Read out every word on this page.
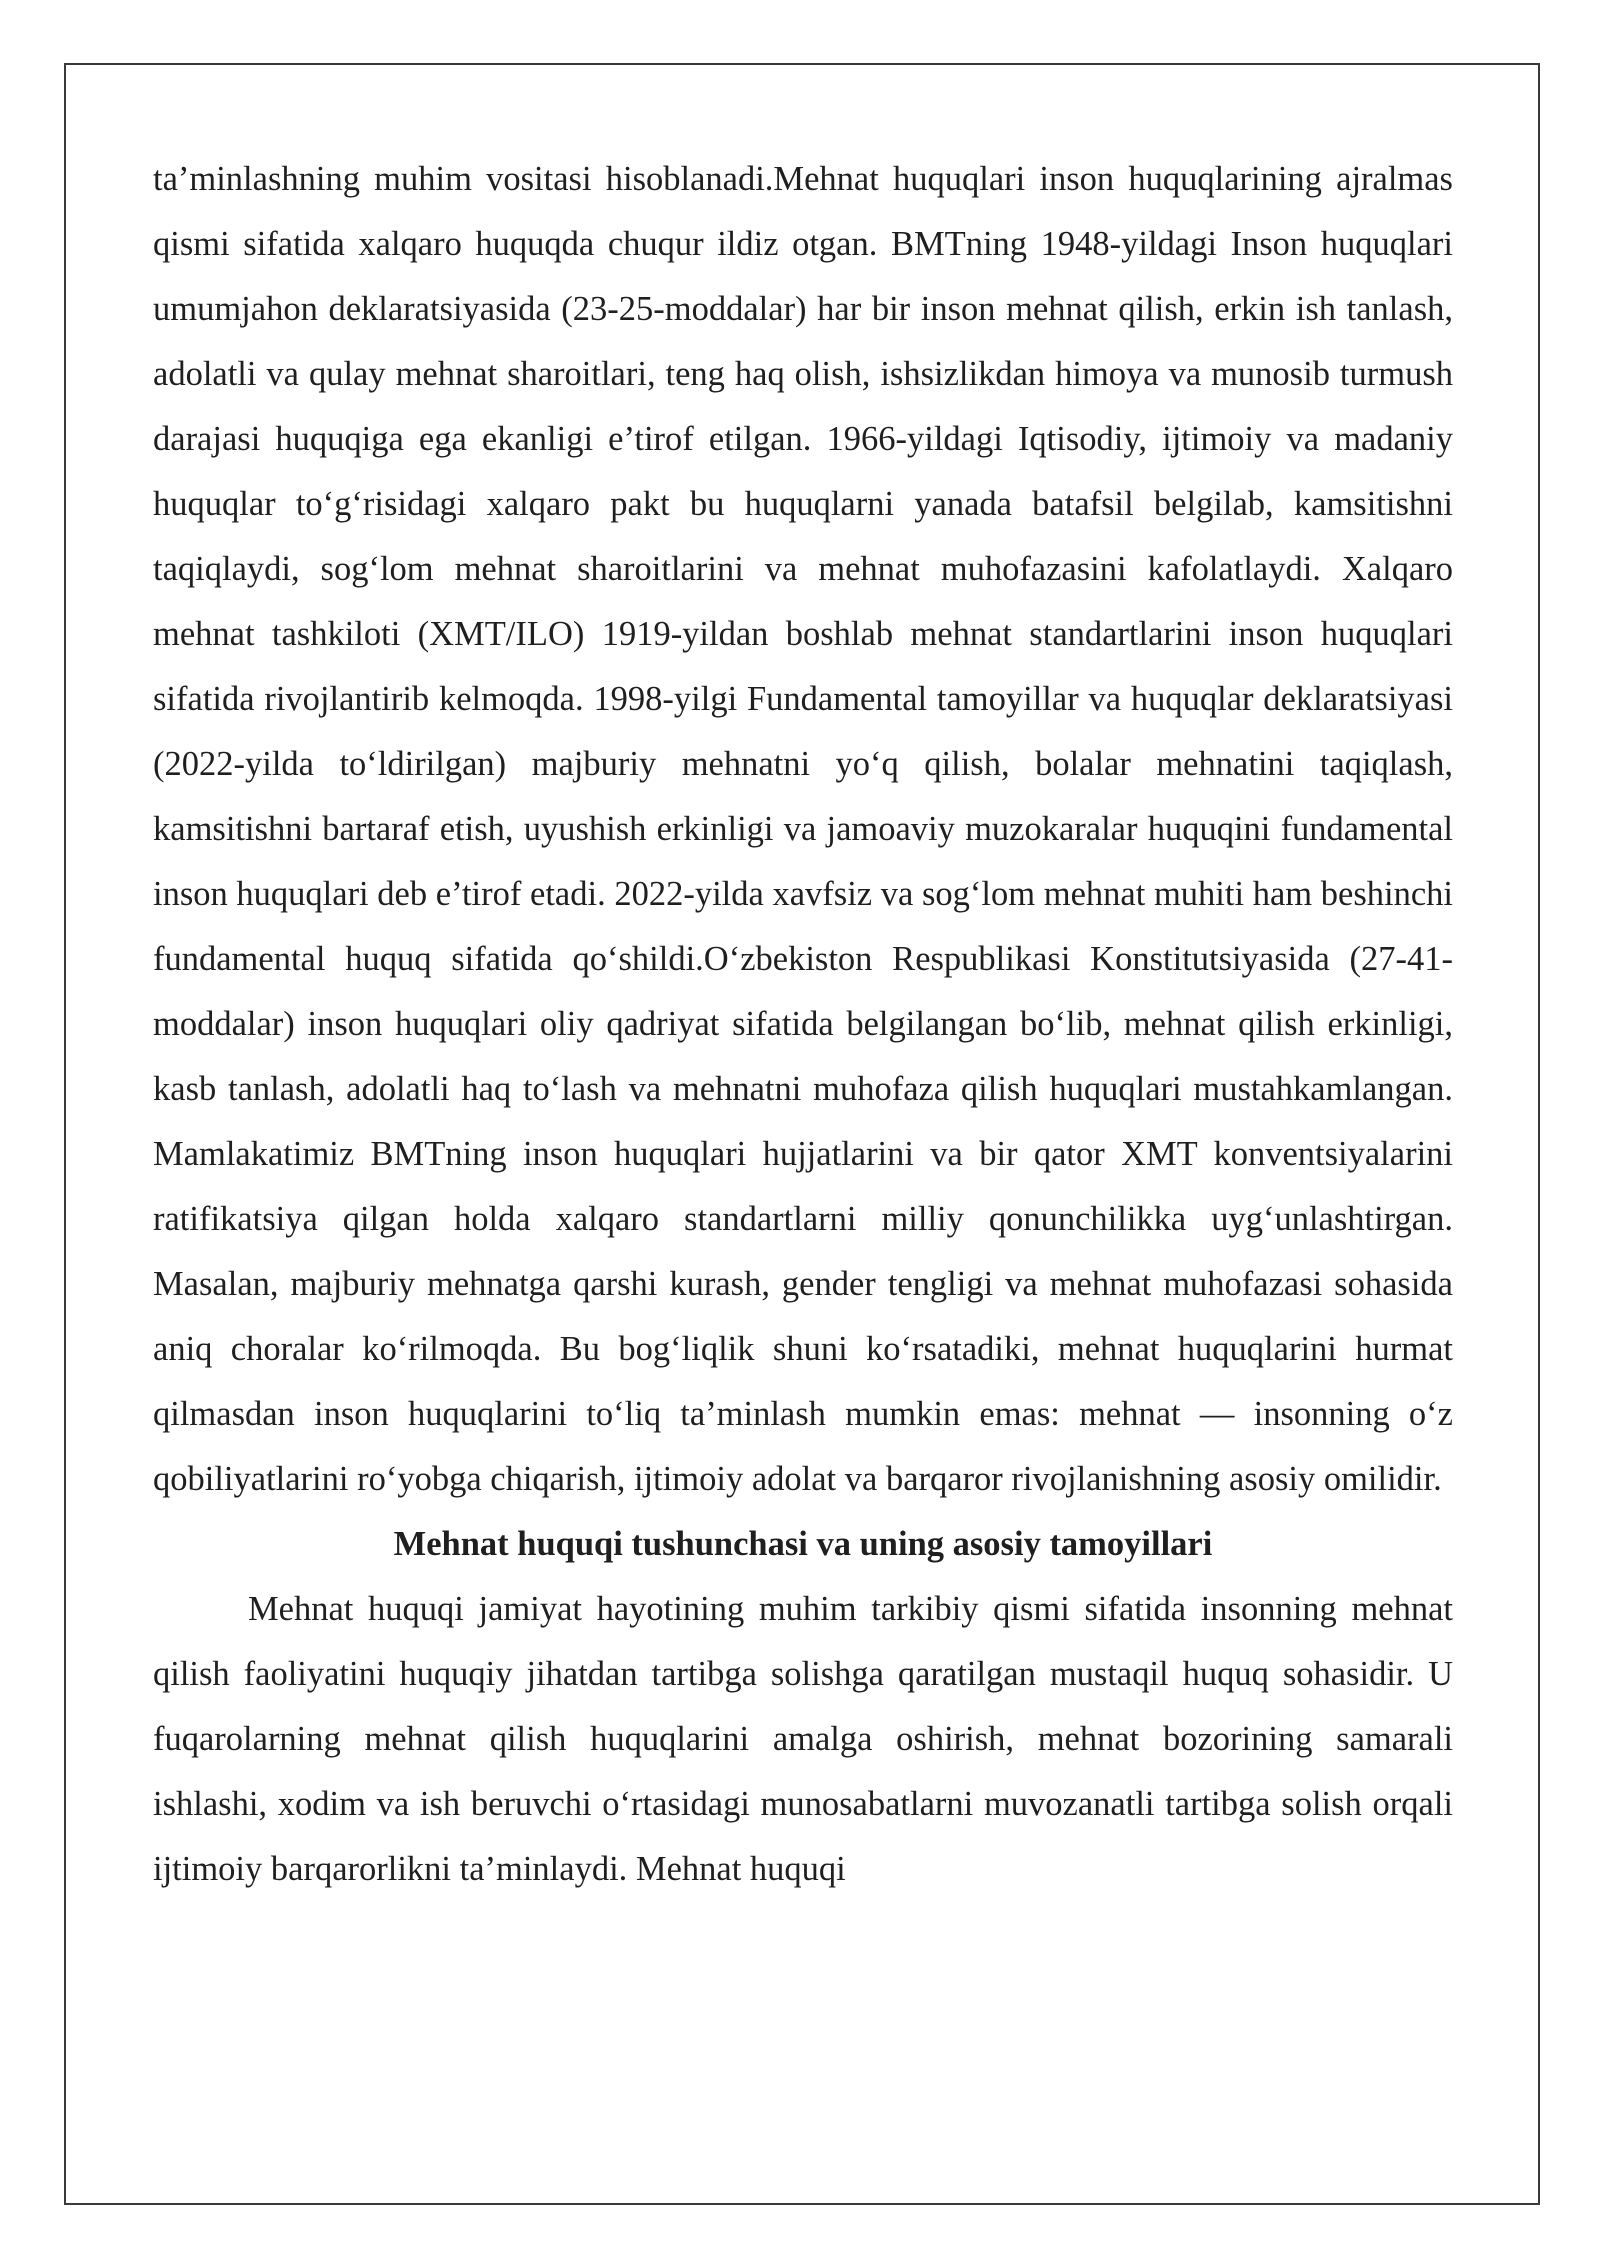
ta’minlashning muhim vositasi hisoblanadi.Mehnat huquqlari inson huquqlarining ajralmas qismi sifatida xalqaro huquqda chuqur ildiz otgan. BMTning 1948-yildagi Inson huquqlari umumjahon deklaratsiyasida (23-25-moddalar) har bir inson mehnat qilish, erkin ish tanlash, adolatli va qulay mehnat sharoitlari, teng haq olish, ishsizlikdan himoya va munosib turmush darajasi huquqiga ega ekanligi e’tirof etilgan. 1966-yildagi Iqtisodiy, ijtimoiy va madaniy huquqlar to‘g‘risidagi xalqaro pakt bu huquqlarni yanada batafsil belgilab, kamsitishni taqiqlaydi, sog‘lom mehnat sharoitlarini va mehnat muhofazasini kafolatlaydi. Xalqaro mehnat tashkiloti (XMT/ILO) 1919-yildan boshlab mehnat standartlarini inson huquqlari sifatida rivojlantirib kelmoqda. 1998-yilgi Fundamental tamoyillar va huquqlar deklaratsiyasi (2022-yilda to‘ldirilgan) majburiy mehnatni yo‘q qilish, bolalar mehnatini taqiqlash, kamsitishni bartaraf etish, uyushish erkinligi va jamoaviy muzokaralar huquqini fundamental inson huquqlari deb e’tirof etadi. 2022-yilda xavfsiz va sog‘lom mehnat muhiti ham beshinchi fundamental huquq sifatida qo‘shildi.O‘zbekiston Respublikasi Konstitutsiyasida (27-41-moddalar) inson huquqlari oliy qadriyat sifatida belgilangan bo‘lib, mehnat qilish erkinligi, kasb tanlash, adolatli haq to‘lash va mehnatni muhofaza qilish huquqlari mustahkamlangan. Mamlakatimiz BMTning inson huquqlari hujjatlarini va bir qator XMT konventsiyalarini ratifikatsiya qilgan holda xalqaro standartlarni milliy qonunchilikka uyg‘unlashtirgan. Masalan, majburiy mehnatga qarshi kurash, gender tengligi va mehnat muhofazasi sohasida aniq choralar ko‘rilmoqda. Bu bog‘liqlik shuni ko‘rsatadiki, mehnat huquqlarini hurmat qilmasdan inson huquqlarini to‘liq ta’minlash mumkin emas: mehnat — insonning o‘z qobiliyatlarini ro‘yobga chiqarish, ijtimoiy adolat va barqaror rivojlanishning asosiy omilidir.

Mehnat huquqi tushunchasi va uning asosiy tamoyillari

Mehnat huquqi jamiyat hayotining muhim tarkibiy qismi sifatida insonning mehnat qilish faoliyatini huquqiy jihatdan tartibga solishga qaratilgan mustaqil huquq sohasidir. U fuqarolarning mehnat qilish huquqlarini amalga oshirish, mehnat bozorining samarali ishlashi, xodim va ish beruvchi o‘rtasidagi munosabatlarni muvozanatli tartibga solish orqali ijtimoiy barqarorlikni ta’minlaydi. Mehnat huquqi
